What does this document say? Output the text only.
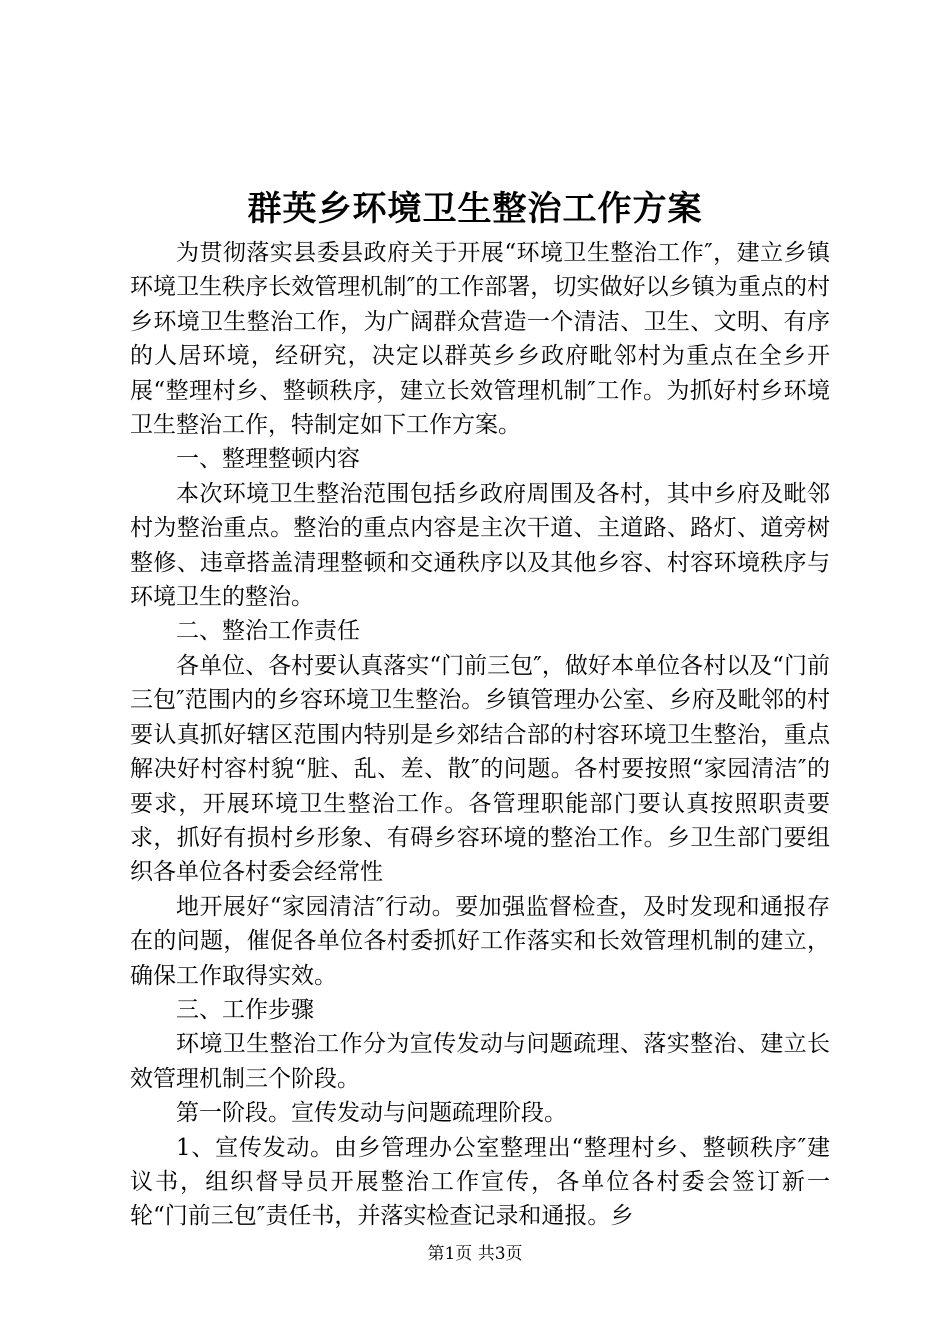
群英乡环境卫生整治工作方案

为贯彻落实县委县政府关于开展“环境卫生整治工作″，建立乡镇环境卫生秩序长效管理机制″的工作部署，切实做好以乡镇为重点的村乡环境卫生整治工作，为广阔群众营造一个清洁、卫生、文明、有序的人居环境，经研究，决定以群英乡乡政府毗邻村为重点在全乡开展“整理村乡、整顿秩序，建立长效管理机制″工作。为抓好村乡环境卫生整治工作，特制定如下工作方案。

一、整理整顿内容

本次环境卫生整治范围包括乡政府周围及各村，其中乡府及毗邻村为整治重点。整治的重点内容是主次干道、主道路、路灯、道旁树整修、违章搭盖清理整顿和交通秩序以及其他乡容、村容环境秩序与环境卫生的整治。

二、整治工作责任

各单位、各村要认真落实“门前三包″，做好本单位各村以及“门前三包″范围内的乡容环境卫生整治。乡镇管理办公室、乡府及毗邻的村要认真抓好辖区范围内特别是乡郊结合部的村容环境卫生整治，重点解决好村容村貌“脏、乱、差、散″的问题。各村要按照“家园清洁″的要求，开展环境卫生整治工作。各管理职能部门要认真按照职责要求，抓好有损村乡形象、有碍乡容环境的整治工作。乡卫生部门要组织各单位各村委会经常性

地开展好“家园清洁″行动。要加强监督检查，及时发现和通报存在的问题，催促各单位各村委抓好工作落实和长效管理机制的建立，确保工作取得实效。

三、工作步骤

环境卫生整治工作分为宣传发动与问题疏理、落实整治、建立长效管理机制三个阶段。

第一阶段。宣传发动与问题疏理阶段。

1、宣传发动。由乡管理办公室整理出“整理村乡、整顿秩序″建议书，组织督导员开展整治工作宣传，各单位各村委会签订新一轮“门前三包″责任书，并落实检查记录和通报。乡

第1页 共3页
